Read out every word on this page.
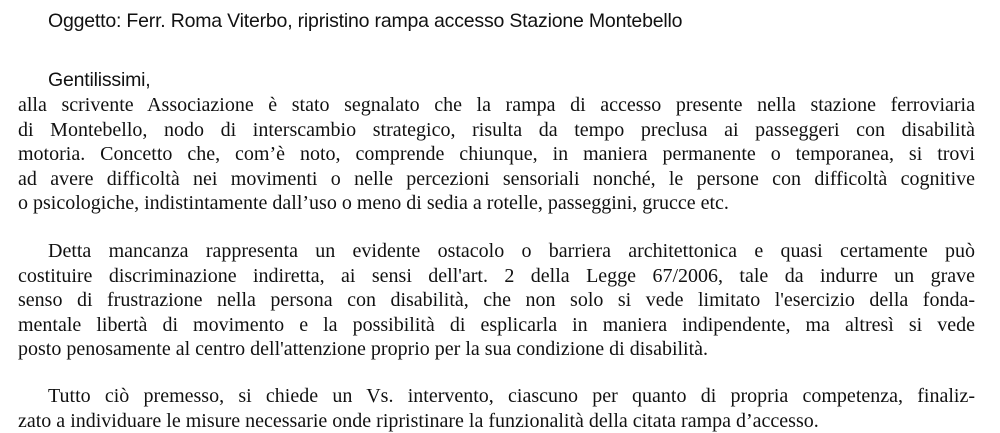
Oggetto: Ferr. Roma Viterbo, ripristino rampa accesso Stazione Montebello
Gentilissimi,
alla scrivente Associazione è stato segnalato che la rampa di accesso presente nella stazione ferroviaria
di Montebello, nodo di interscambio strategico, risulta da tempo preclusa ai passeggeri con disabilità
motoria. Concetto che, com’è noto, comprende chiunque, in maniera permanente o temporanea, si trovi
ad avere difficoltà nei movimenti o nelle percezioni sensoriali nonché, le persone con difficoltà cognitive
o psicologiche, indistintamente dall’uso o meno di sedia a rotelle, passeggini, grucce etc.
Detta mancanza rappresenta un evidente ostacolo o barriera architettonica e quasi certamente può
costituire discriminazione indiretta, ai sensi dell'art. 2 della Legge 67/2006, tale da indurre un grave
senso di frustrazione nella persona con disabilità, che non solo si vede limitato l'esercizio della fonda-
mentale libertà di movimento e la possibilità di esplicarla in maniera indipendente, ma altresì si vede
posto penosamente al centro dell'attenzione proprio per la sua condizione di disabilità.
Tutto ciò premesso, si chiede un Vs. intervento, ciascuno per quanto di propria competenza, finaliz-
zato a individuare le misure necessarie onde ripristinare la funzionalità della citata rampa d’accesso.
